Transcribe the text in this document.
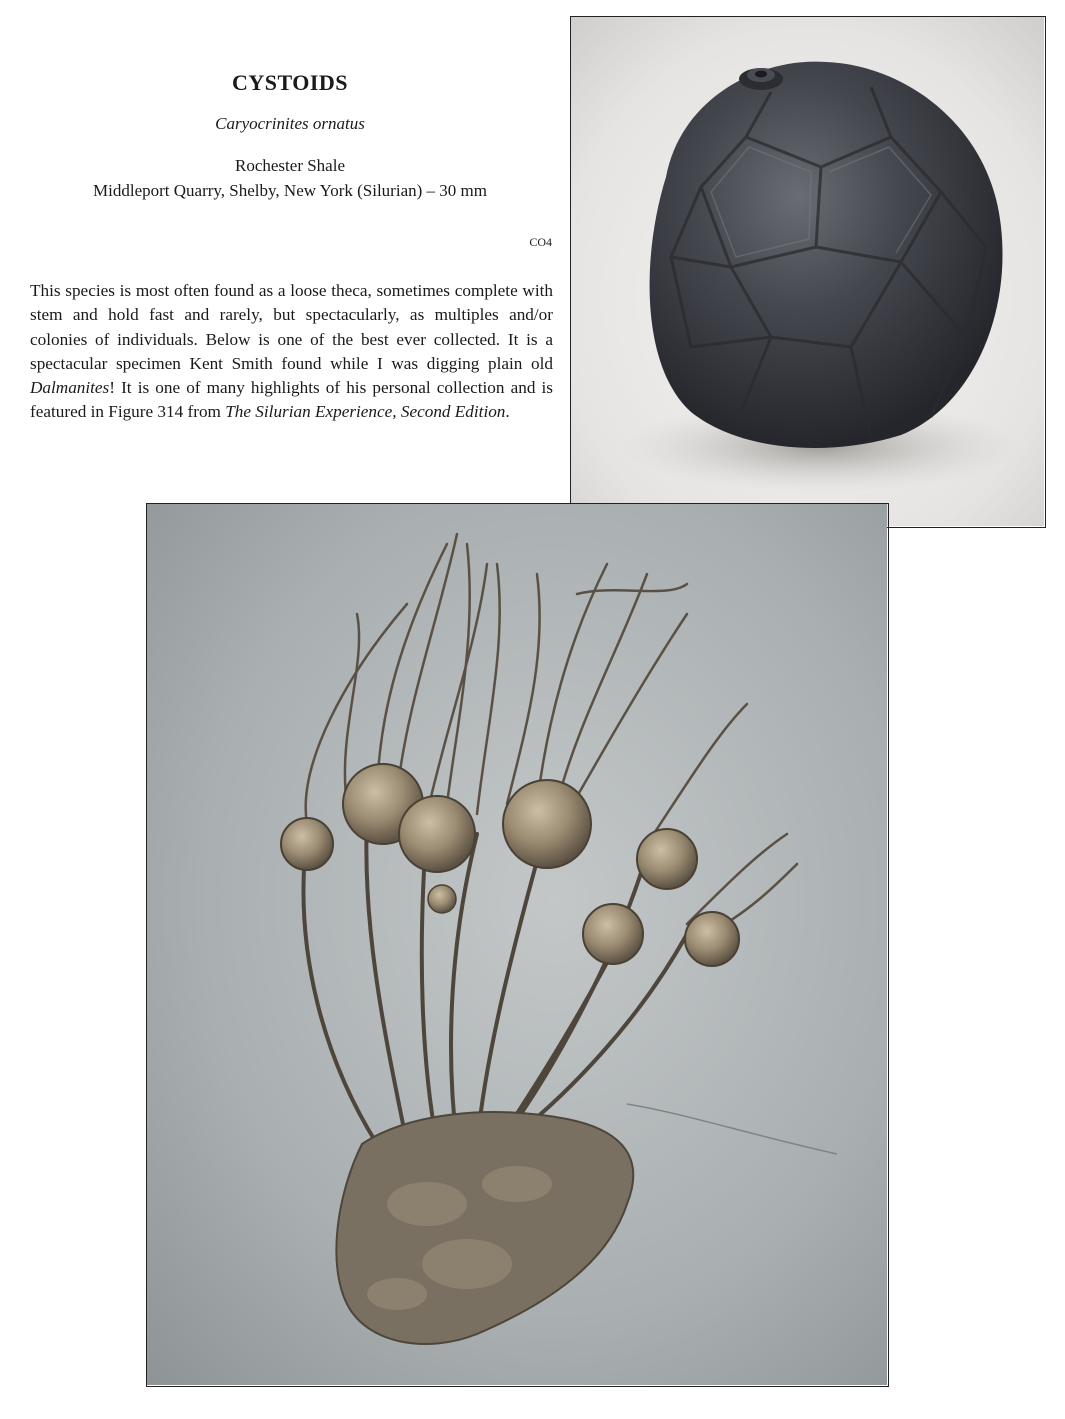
CYSTOIDS
Caryocrinites ornatus
Rochester Shale
Middleport Quarry, Shelby, New York (Silurian) – 30 mm
CO4

This species is most often found as a loose theca, sometimes complete with stem and hold fast and rarely, but spectacularly, as multiples and/or colonies of individuals. Below is one of the best ever collected. It is a spectacular specimen Kent Smith found while I was digging plain old Dalmanites! It is one of many highlights of his personal collection and is featured in Figure 314 from The Silurian Experience, Second Edition.
